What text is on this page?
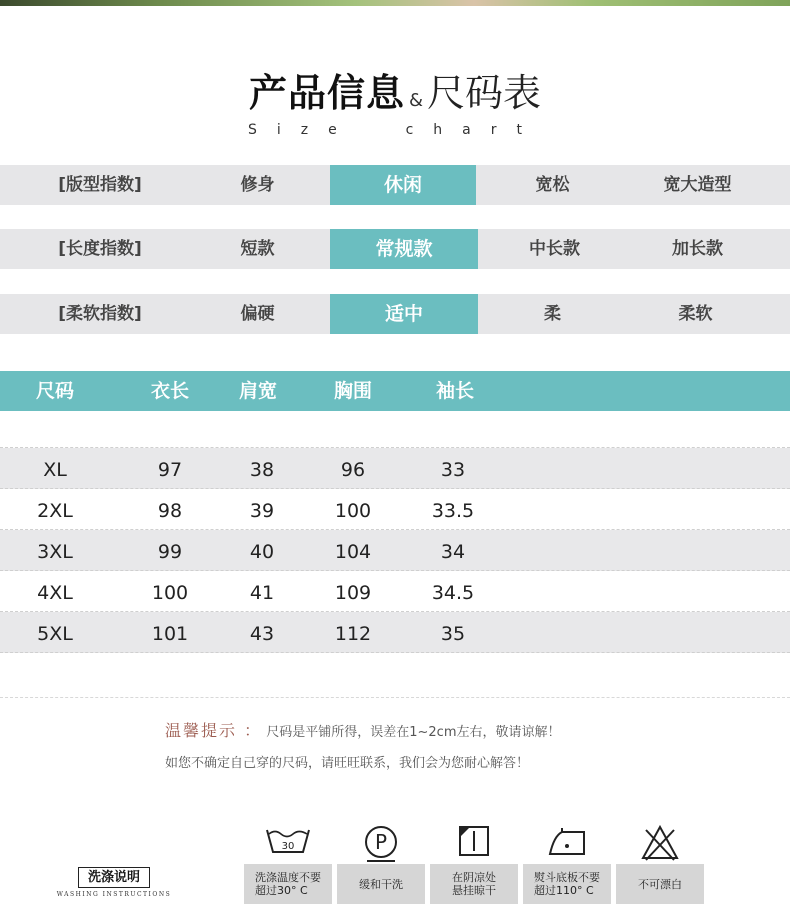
产品信息 & 尺码表
Size  chart
[版型指数]	修身	休闲	宽松	宽大造型
[长度指数]	短款	常规款	中长款	加长款
[柔软指数]	偏硬	适中	柔	柔软
尺码	衣长	肩宽	胸围	袖长
XL	97	38	96	33
2XL	98	39	100	33.5
3XL	99	40	104	34
4XL	100	41	109	34.5
5XL	101	43	112	35
温馨提示 ： 尺码是平铺所得，误差在1~2cm左右，敬请谅解！
如您不确定自己穿的尺码，请旺旺联系，我们会为您耐心解答！
洗涤说明
WASHING INSTRUCTIONS
30
洗涤温度不要
超过30° C
P
缓和干洗	在阴凉处
悬挂晾干
熨斗底板不要
超过110° C	不可漂白
